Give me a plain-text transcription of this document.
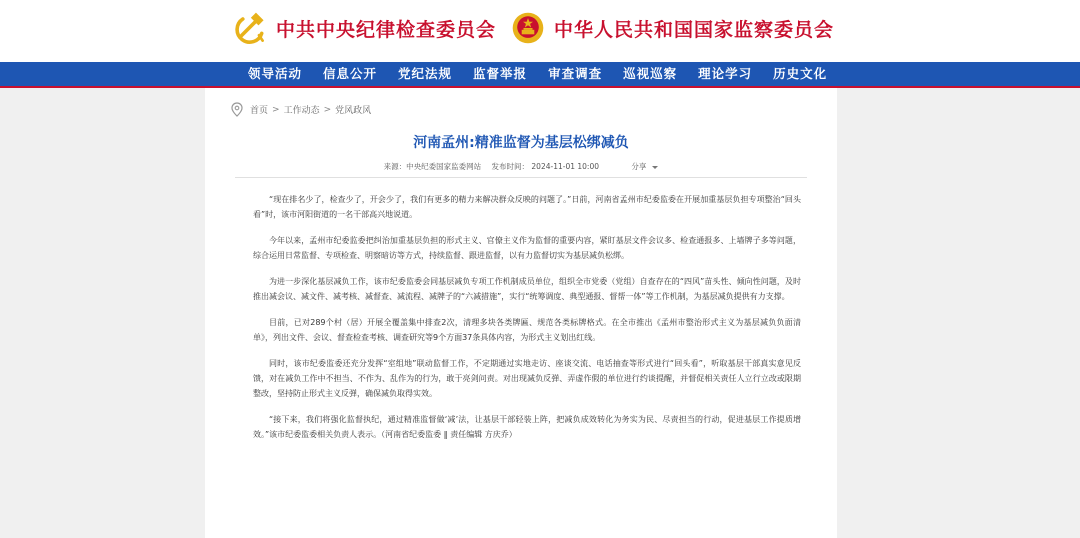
中共中央纪律检查委员会	中华人民共和国国家监察委员会
领导活动 信息公开 党纪法规 监督举报 审查调查 巡视巡察 理论学习 历史文化
首页 > 工作动态 > 党风政风
河南孟州:精准监督为基层松绑减负
来源：中央纪委国家监委网站 发布时间： 2024-11-01 10:00	分享

“现在排名少了，检查少了，开会少了，我们有更多的精力来解决群众反映的问题了。”日前，河南省孟州市纪委监委在开展加重基层负担专项整治“回头看”时，该市河阳街道的一名干部高兴地说道。

今年以来，孟州市纪委监委把纠治加重基层负担的形式主义、官僚主义作为监督的重要内容，紧盯基层文件会议多、检查通报多、上墙牌子多等问题，综合运用日常监督、专项检查、明察暗访等方式，持续监督、跟进监督，以有力监督切实为基层减负松绑。

为进一步深化基层减负工作，该市纪委监委会同基层减负专项工作机制成员单位，组织全市党委（党组）自查存在的“四风”苗头性、倾向性问题，及时推出减会议、减文件、减考核、减督查、减流程、减牌子的“六减措施”，实行“统筹调度、典型通报、督帮一体”等工作机制，为基层减负提供有力支撑。

目前，已对289个村（居）开展全覆盖集中排查2次，清理多块各类牌匾、规范各类标牌格式。在全市推出《孟州市整治形式主义为基层减负负面清单》，列出文件、会议、督查检查考核、调查研究等9个方面37条具体内容，为形式主义划出红线。

同时，该市纪委监委还充分发挥“室组地”联动监督工作，不定期通过实地走访、座谈交流、电话抽查等形式进行“回头看”，听取基层干部真实意见反馈，对在减负工作中不担当、不作为、乱作为的行为，敢于亮剑问责。对出现减负反弹、弄虚作假的单位进行约谈提醒，并督促相关责任人立行立改或限期整改，坚持防止形式主义反弹，确保减负取得实效。

“接下来，我们将强化监督执纪，通过精准监督做‘减’法，让基层干部轻装上阵，把减负成效转化为务实为民、尽责担当的行动，促进基层工作提质增效。”该市纪委监委相关负责人表示。（河南省纪委监委 ‖ 责任编辑 方庆乔）
